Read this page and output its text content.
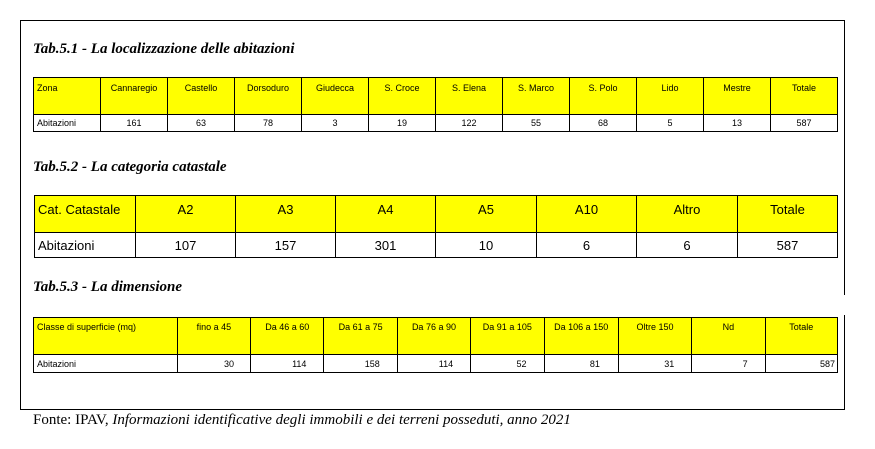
Tab.5.1 - La localizzazione delle abitazioni
Zona	Cannaregio	Castello	Dorsoduro	Giudecca	S. Croce	S. Elena	S. Marco	S. Polo	Lido	Mestre	Totale
Abitazioni	161	63	78	3	19	122	55	68	5	13	587
Tab.5.2 - La categoria catastale
Cat. Catastale	A2	A3	A4	A5	A10	Altro	Totale
Abitazioni	107	157	301	10	6	6	587
Tab.5.3 - La dimensione
Classe di superficie (mq)	fino a 45	Da 46 a 60	Da 61 a 75	Da 76 a 90	Da 91 a 105	Da 106 a 150	Oltre 150	Nd	Totale
Abitazioni	30	114	158	114	52	81	31	7	587
Fonte: IPAV, Informazioni identificative degli immobili e dei terreni posseduti, anno 2021
